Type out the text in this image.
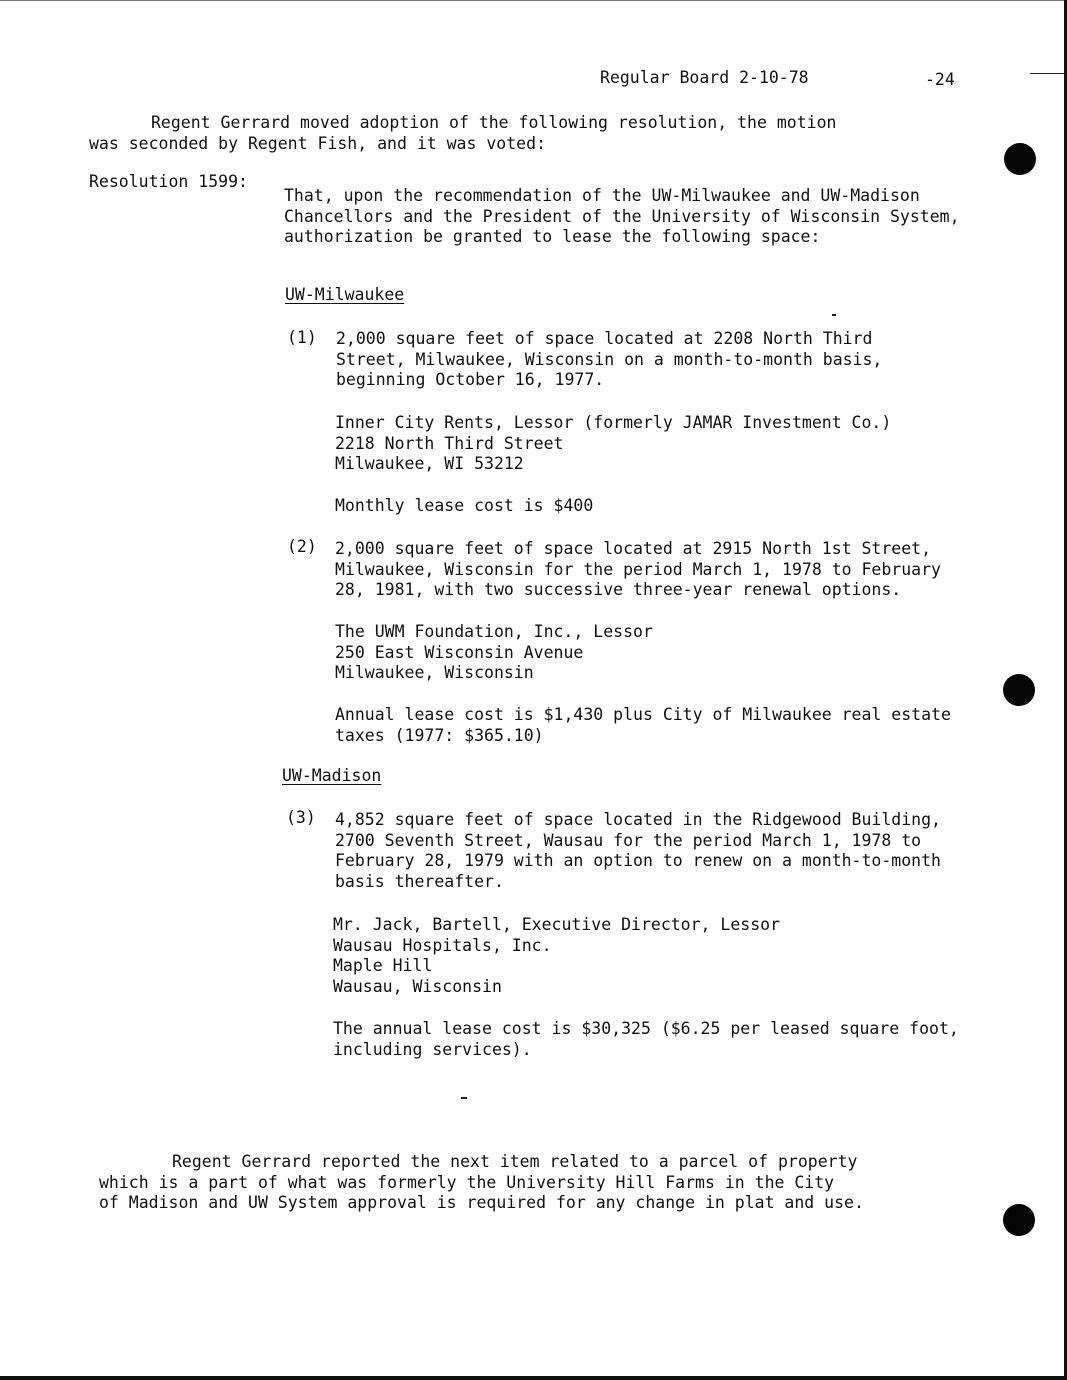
Regular Board 2-10-78	-24
Regent Gerrard moved adoption of the following resolution, the motion
was seconded by Regent Fish, and it was voted:
Resolution 1599:
That, upon the recommendation of the UW-Milwaukee and UW-Madison
Chancellors and the President of the University of Wisconsin System,
authorization be granted to lease the following space:
UW-Milwaukee
(1) 2,000 square feet of space located at 2208 North Third
Street, Milwaukee, Wisconsin on a month-to-month basis,
beginning October 16, 1977.
Inner City Rents, Lessor (formerly JAMAR Investment Co.)
2218 North Third Street
Milwaukee, WI 53212
Monthly lease cost is $400
(2) 2,000 square feet of space located at 2915 North 1st Street,
Milwaukee, Wisconsin for the period March 1, 1978 to February
28, 1981, with two successive three-year renewal options.
The UWM Foundation, Inc., Lessor
250 East Wisconsin Avenue
Milwaukee, Wisconsin
Annual lease cost is $1,430 plus City of Milwaukee real estate
taxes (1977: $365.10)
UW-Madison
(3) 4,852 square feet of space located in the Ridgewood Building,
2700 Seventh Street, Wausau for the period March 1, 1978 to
February 28, 1979 with an option to renew on a month-to-month
basis thereafter.
Mr. Jack, Bartell, Executive Director, Lessor
Wausau Hospitals, Inc.
Maple Hill
Wausau, Wisconsin
The annual lease cost is $30,325 ($6.25 per leased square foot,
including services).
Regent Gerrard reported the next item related to a parcel of property
which is a part of what was formerly the University Hill Farms in the City
of Madison and UW System approval is required for any change in plat and use.
